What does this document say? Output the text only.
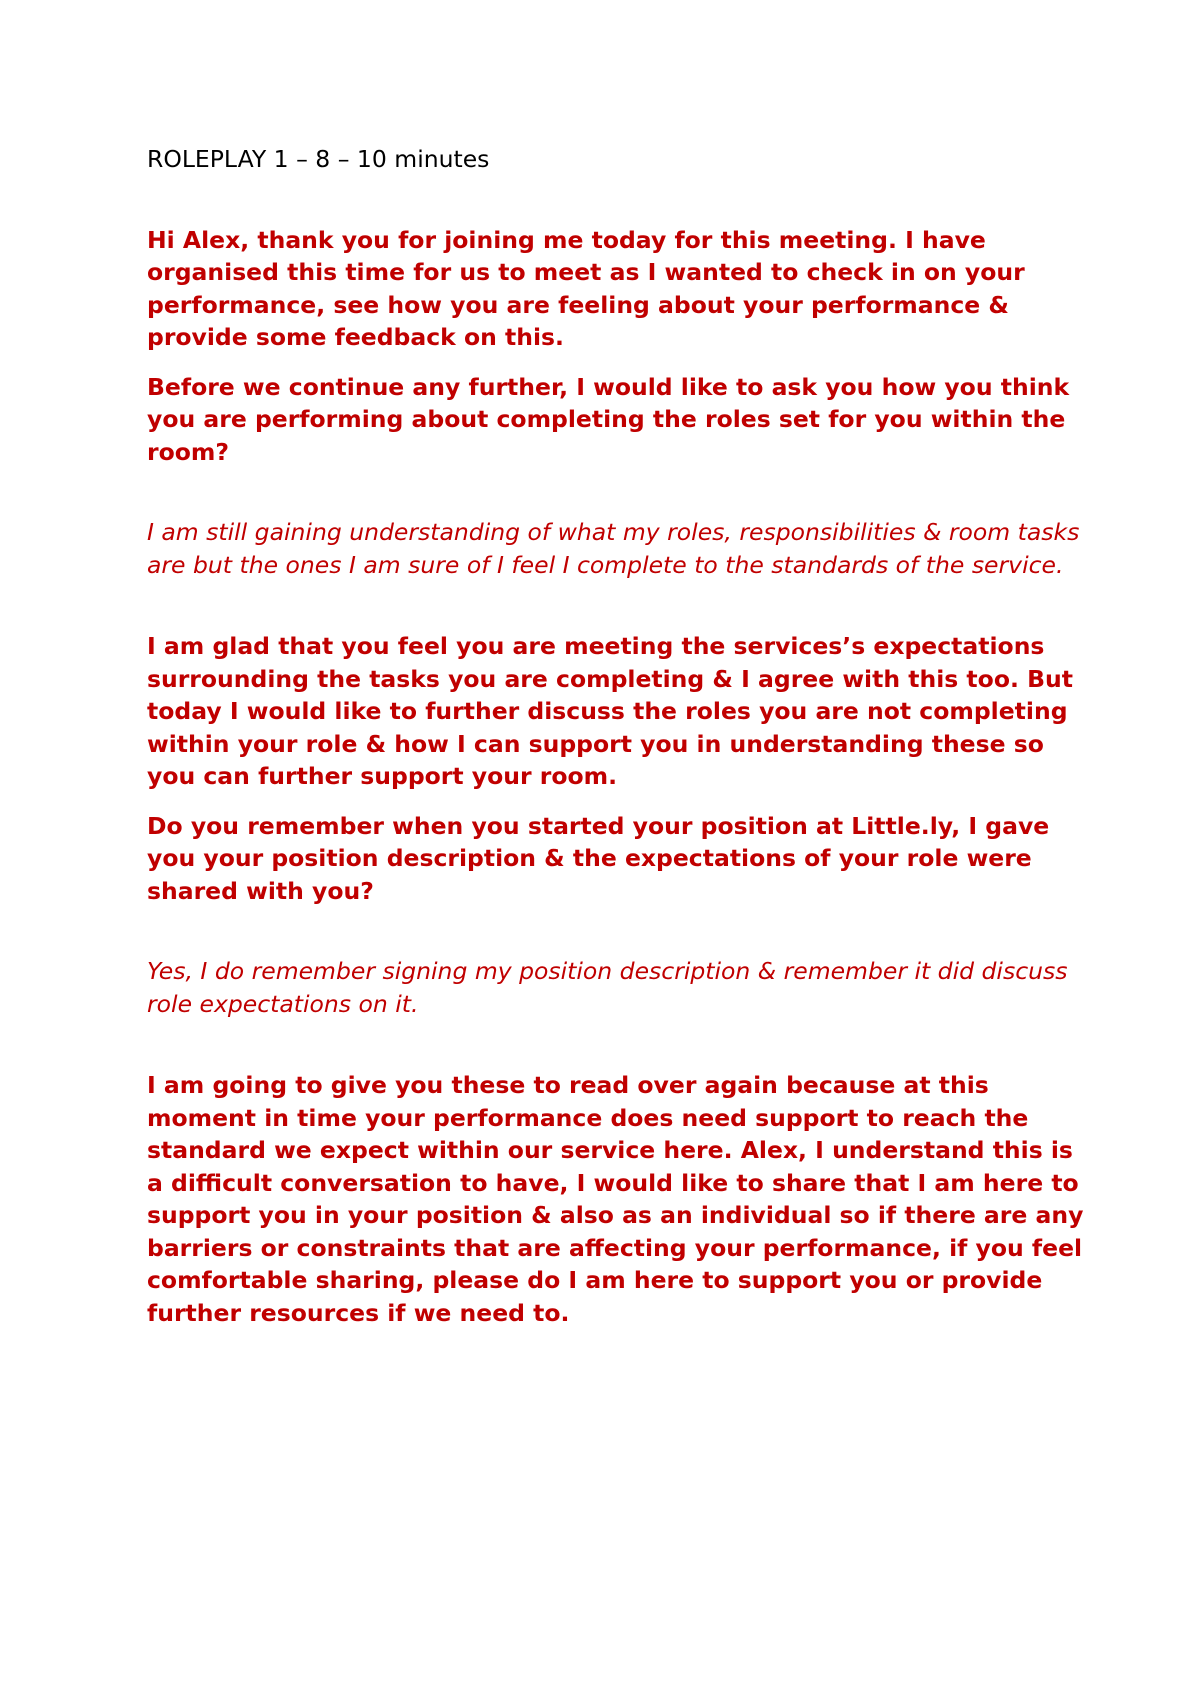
ROLEPLAY 1 – 8 – 10 minutes

Hi Alex, thank you for joining me today for this meeting. I have organised this time for us to meet as I wanted to check in on your performance, see how you are feeling about your performance & provide some feedback on this.

Before we continue any further, I would like to ask you how you think you are performing about completing the roles set for you within the room?

I am still gaining understanding of what my roles, responsibilities & room tasks are but the ones I am sure of I feel I complete to the standards of the service.

I am glad that you feel you are meeting the services’s expectations surrounding the tasks you are completing & I agree with this too. But today I would like to further discuss the roles you are not completing within your role & how I can support you in understanding these so you can further support your room.

Do you remember when you started your position at Little.ly, I gave you your position description & the expectations of your role were shared with you?

Yes, I do remember signing my position description & remember it did discuss role expectations on it.

I am going to give you these to read over again because at this moment in time your performance does need support to reach the standard we expect within our service here. Alex, I understand this is a difficult conversation to have, I would like to share that I am here to support you in your position & also as an individual so if there are any barriers or constraints that are affecting your performance, if you feel comfortable sharing, please do I am here to support you or provide further resources if we need to.
